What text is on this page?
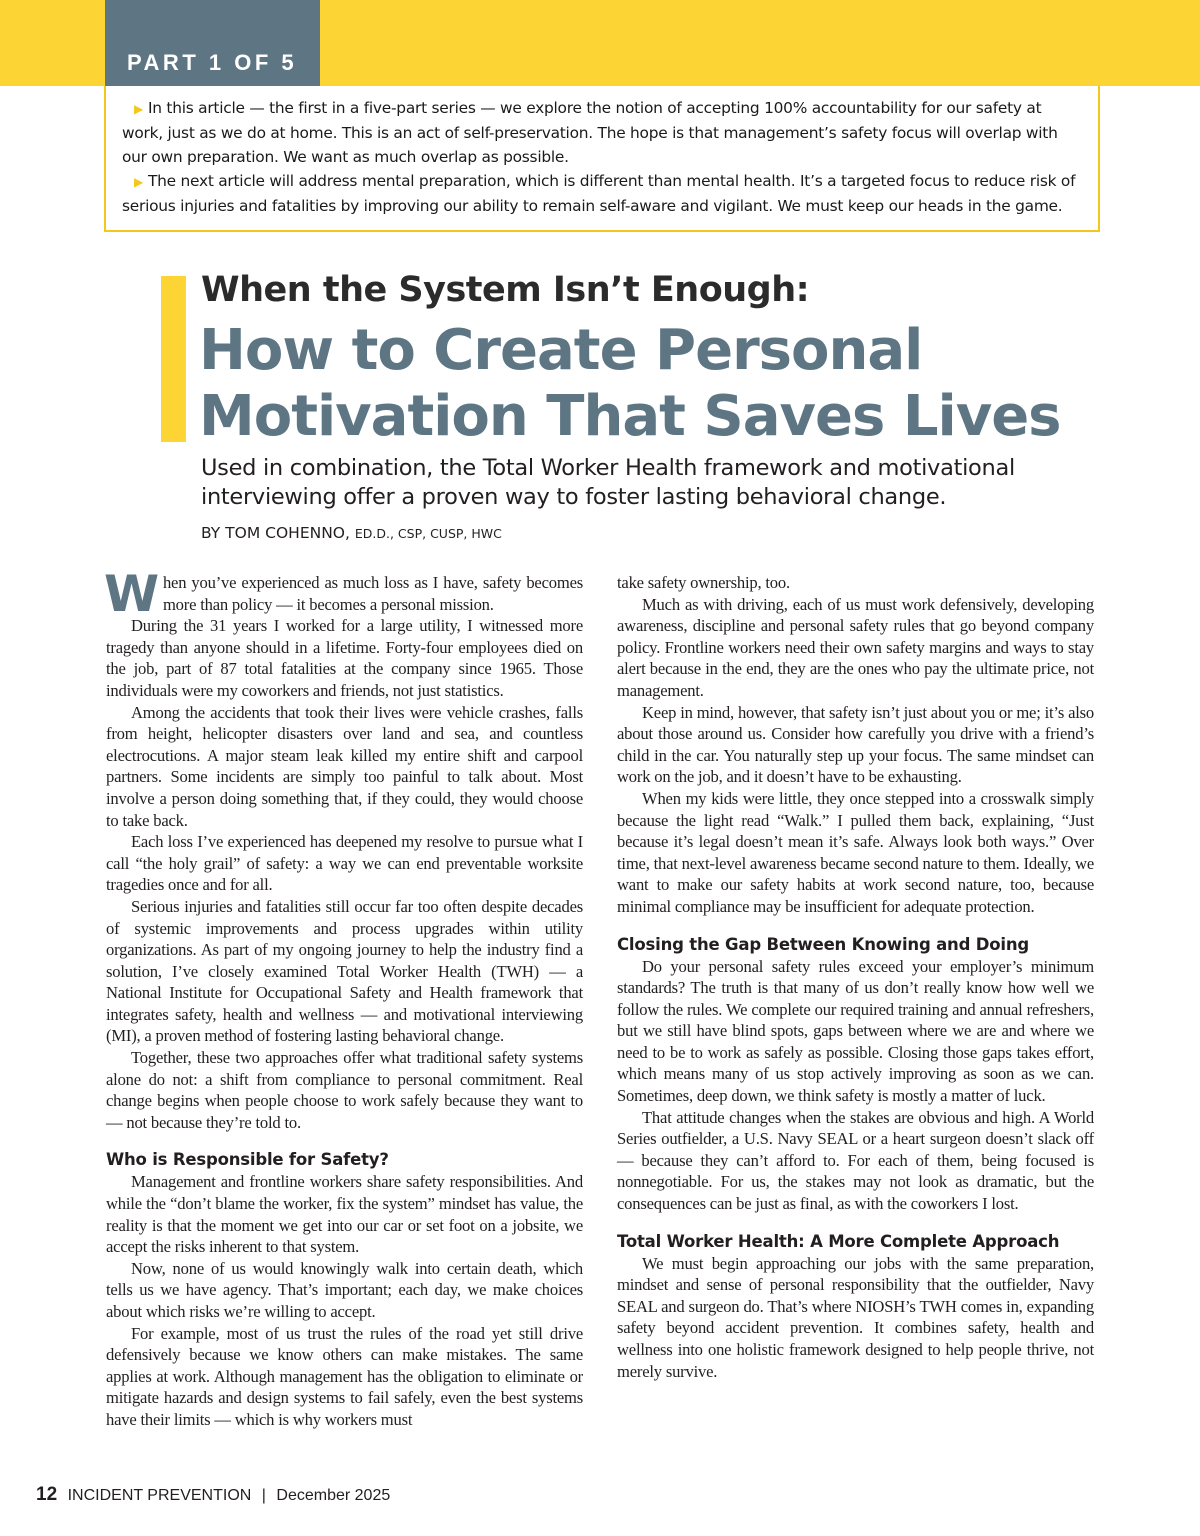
PART 1 OF 5

▶ In this article — the first in a five-part series — we explore the notion of accepting 100% accountability for our safety at work, just as we do at home. This is an act of self-preservation. The hope is that management’s safety focus will overlap with our own preparation. We want as much overlap as possible.

▶ The next article will address mental preparation, which is different than mental health. It’s a targeted focus to reduce risk of serious injuries and fatalities by improving our ability to remain self-aware and vigilant. We must keep our heads in the game.

When the System Isn’t Enough:
How to Create Personal Motivation That Saves Lives
Used in combination, the Total Worker Health framework and motivational interviewing offer a proven way to foster lasting behavioral change.
BY TOM COHENNO, ED.D., CSP, CUSP, HWC

When you’ve experienced as much loss as I have, safety becomes more than policy — it becomes a personal mission.

During the 31 years I worked for a large utility, I witnessed more tragedy than anyone should in a lifetime. Forty-four employees died on the job, part of 87 total fatalities at the company since 1965. Those individuals were my coworkers and friends, not just statistics.

Among the accidents that took their lives were vehicle crashes, falls from height, helicopter disasters over land and sea, and countless electrocutions. A major steam leak killed my entire shift and carpool partners. Some incidents are simply too painful to talk about. Most involve a person doing something that, if they could, they would choose to take back.

Each loss I’ve experienced has deepened my resolve to pursue what I call “the holy grail” of safety: a way we can end preventable worksite tragedies once and for all.

Serious injuries and fatalities still occur far too often despite decades of systemic improvements and process upgrades within utility organizations. As part of my ongoing journey to help the industry find a solution, I’ve closely examined Total Worker Health (TWH) — a National Institute for Occupational Safety and Health framework that integrates safety, health and wellness — and motivational interviewing (MI), a proven method of fostering lasting behavioral change.

Together, these two approaches offer what traditional safety systems alone do not: a shift from compliance to personal commitment. Real change begins when people choose to work safely because they want to — not because they’re told to.

Who is Responsible for Safety?

Management and frontline workers share safety responsibilities. And while the “don’t blame the worker, fix the system” mindset has value, the reality is that the moment we get into our car or set foot on a jobsite, we accept the risks inherent to that system.

Now, none of us would knowingly walk into certain death, which tells us we have agency. That’s important; each day, we make choices about which risks we’re willing to accept.

For example, most of us trust the rules of the road yet still drive defensively because we know others can make mistakes. The same applies at work. Although management has the obligation to eliminate or mitigate hazards and design systems to fail safely, even the best systems have their limits — which is why workers must

take safety ownership, too.

Much as with driving, each of us must work defensively, developing awareness, discipline and personal safety rules that go beyond company policy. Frontline workers need their own safety margins and ways to stay alert because in the end, they are the ones who pay the ultimate price, not management.

Keep in mind, however, that safety isn’t just about you or me; it’s also about those around us. Consider how carefully you drive with a friend’s child in the car. You naturally step up your focus. The same mindset can work on the job, and it doesn’t have to be exhausting.

When my kids were little, they once stepped into a crosswalk simply because the light read “Walk.” I pulled them back, explaining, “Just because it’s legal doesn’t mean it’s safe. Always look both ways.” Over time, that next-level awareness became second nature to them. Ideally, we want to make our safety habits at work second nature, too, because minimal compliance may be insufficient for adequate protection.

Closing the Gap Between Knowing and Doing

Do your personal safety rules exceed your employer’s minimum standards? The truth is that many of us don’t really know how well we follow the rules. We complete our required training and annual refreshers, but we still have blind spots, gaps between where we are and where we need to be to work as safely as possible. Closing those gaps takes effort, which means many of us stop actively improving as soon as we can. Sometimes, deep down, we think safety is mostly a matter of luck.

That attitude changes when the stakes are obvious and high. A World Series outfielder, a U.S. Navy SEAL or a heart surgeon doesn’t slack off — because they can’t afford to. For each of them, being focused is nonnegotiable. For us, the stakes may not look as dramatic, but the consequences can be just as final, as with the coworkers I lost.

Total Worker Health: A More Complete Approach

We must begin approaching our jobs with the same preparation, mindset and sense of personal responsibility that the outfielder, Navy SEAL and surgeon do. That’s where NIOSH’s TWH comes in, expanding safety beyond accident prevention. It combines safety, health and wellness into one holistic framework designed to help people thrive, not merely survive.

12 INCIDENT PREVENTION | December 2025
